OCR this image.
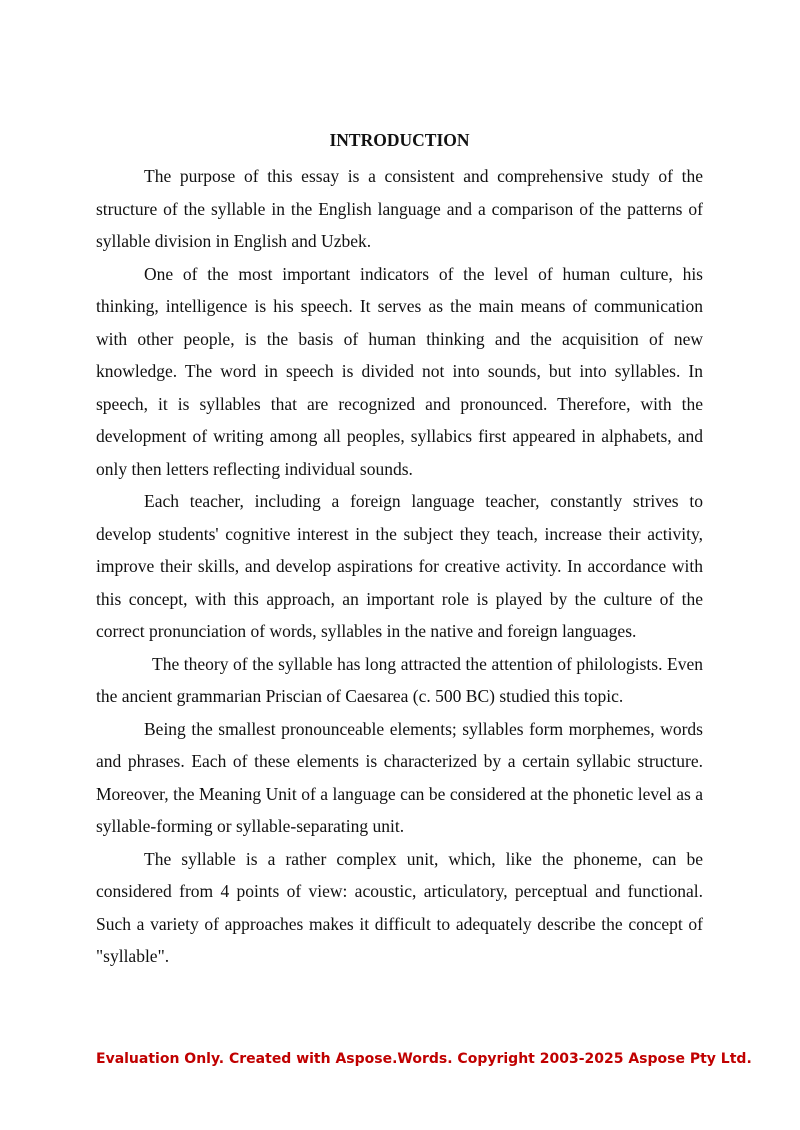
INTRODUCTION

The purpose of this essay is a consistent and comprehensive study of the structure of the syllable in the English language and a comparison of the patterns of syllable division in English and Uzbek.

One of the most important indicators of the level of human culture, his thinking, intelligence is his speech. It serves as the main means of communication with other people, is the basis of human thinking and the acquisition of new knowledge. The word in speech is divided not into sounds, but into syllables. In speech, it is syllables that are recognized and pronounced. Therefore, with the development of writing among all peoples, syllabics first appeared in alphabets, and only then letters reflecting individual sounds.

Each teacher, including a foreign language teacher, constantly strives to develop students' cognitive interest in the subject they teach, increase their activity, improve their skills, and develop aspirations for creative activity. In accordance with this concept, with this approach, an important role is played by the culture of the correct pronunciation of words, syllables in the native and foreign languages.

The theory of the syllable has long attracted the attention of philologists. Even the ancient grammarian Priscian of Caesarea (c. 500 BC) studied this topic.

Being the smallest pronounceable elements; syllables form morphemes, words and phrases. Each of these elements is characterized by a certain syllabic structure. Moreover, the Meaning Unit of a language can be considered at the phonetic level as a syllable-forming or syllable-separating unit.

The syllable is a rather complex unit, which, like the phoneme, can be considered from 4 points of view: acoustic, articulatory, perceptual and functional. Such a variety of approaches makes it difficult to adequately describe the concept of "syllable".

Evaluation Only. Created with Aspose.Words. Copyright 2003-2025 Aspose Pty Ltd.
